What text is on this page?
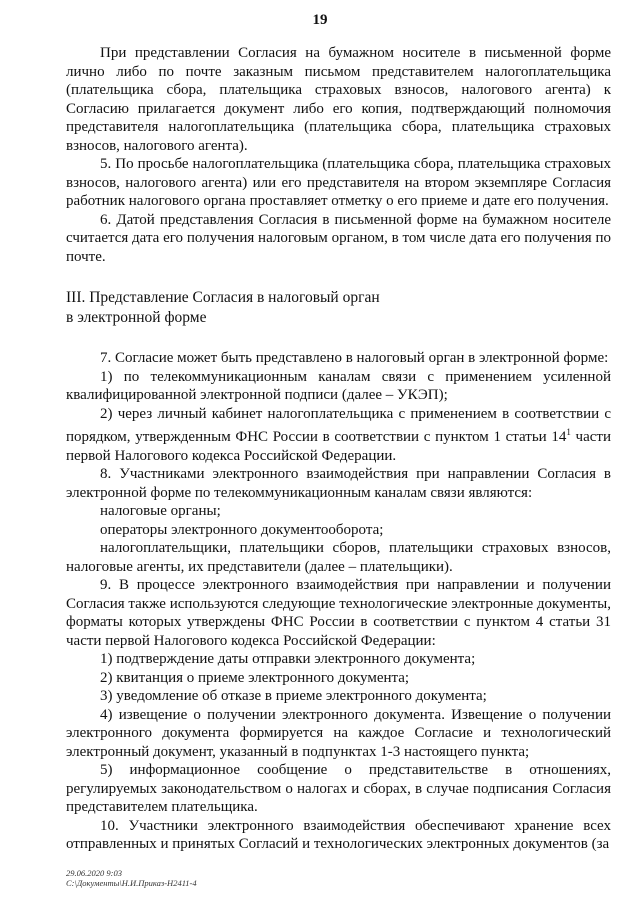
19

При представлении Согласия на бумажном носителе в письменной форме лично либо по почте заказным письмом представителем налогоплательщика (плательщика сбора, плательщика страховых взносов, налогового агента) к Согласию прилагается документ либо его копия, подтверждающий полномочия представителя налогоплательщика (плательщика сбора, плательщика страховых взносов, налогового агента).

5. По просьбе налогоплательщика (плательщика сбора, плательщика страховых взносов, налогового агента) или его представителя на втором экземпляре Согласия работник налогового органа проставляет отметку о его приеме и дате его получения.

6. Датой представления Согласия в письменной форме на бумажном носителе считается дата его получения налоговым органом, в том числе дата его получения по почте.

III. Представление Согласия в налоговый орган
в электронной форме

7. Согласие может быть представлено в налоговый орган в электронной форме:

1) по телекоммуникационным каналам связи с применением усиленной квалифицированной электронной подписи (далее – УКЭП);

2) через личный кабинет налогоплательщика с применением в соответствии с порядком, утвержденным ФНС России в соответствии с пунктом 1 статьи $14^1$ части первой Налогового кодекса Российской Федерации.

8. Участниками электронного взаимодействия при направлении Согласия в электронной форме по телекоммуникационным каналам связи являются:

налоговые органы;

операторы электронного документооборота;

налогоплательщики, плательщики сборов, плательщики страховых взносов, налоговые агенты, их представители (далее – плательщики).

9. В процессе электронного взаимодействия при направлении и получении Согласия также используются следующие технологические электронные документы, форматы которых утверждены ФНС России в соответствии с пунктом 4 статьи 31 части первой Налогового кодекса Российской Федерации:

1) подтверждение даты отправки электронного документа;

2) квитанция о приеме электронного документа;

3) уведомление об отказе в приеме электронного документа;

4) извещение о получении электронного документа. Извещение о получении электронного документа формируется на каждое Согласие и технологический электронный документ, указанный в подпунктах 1-3 настоящего пункта;

5) информационное сообщение о представительстве в отношениях, регулируемых законодательством о налогах и сборах, в случае подписания Согласия представителем плательщика.

10. Участники электронного взаимодействия обеспечивают хранение всех отправленных и принятых Согласий и технологических электронных документов (за

29.06.2020 9:03
C:\Документы\Н.И.Приказ-Н2411-4
